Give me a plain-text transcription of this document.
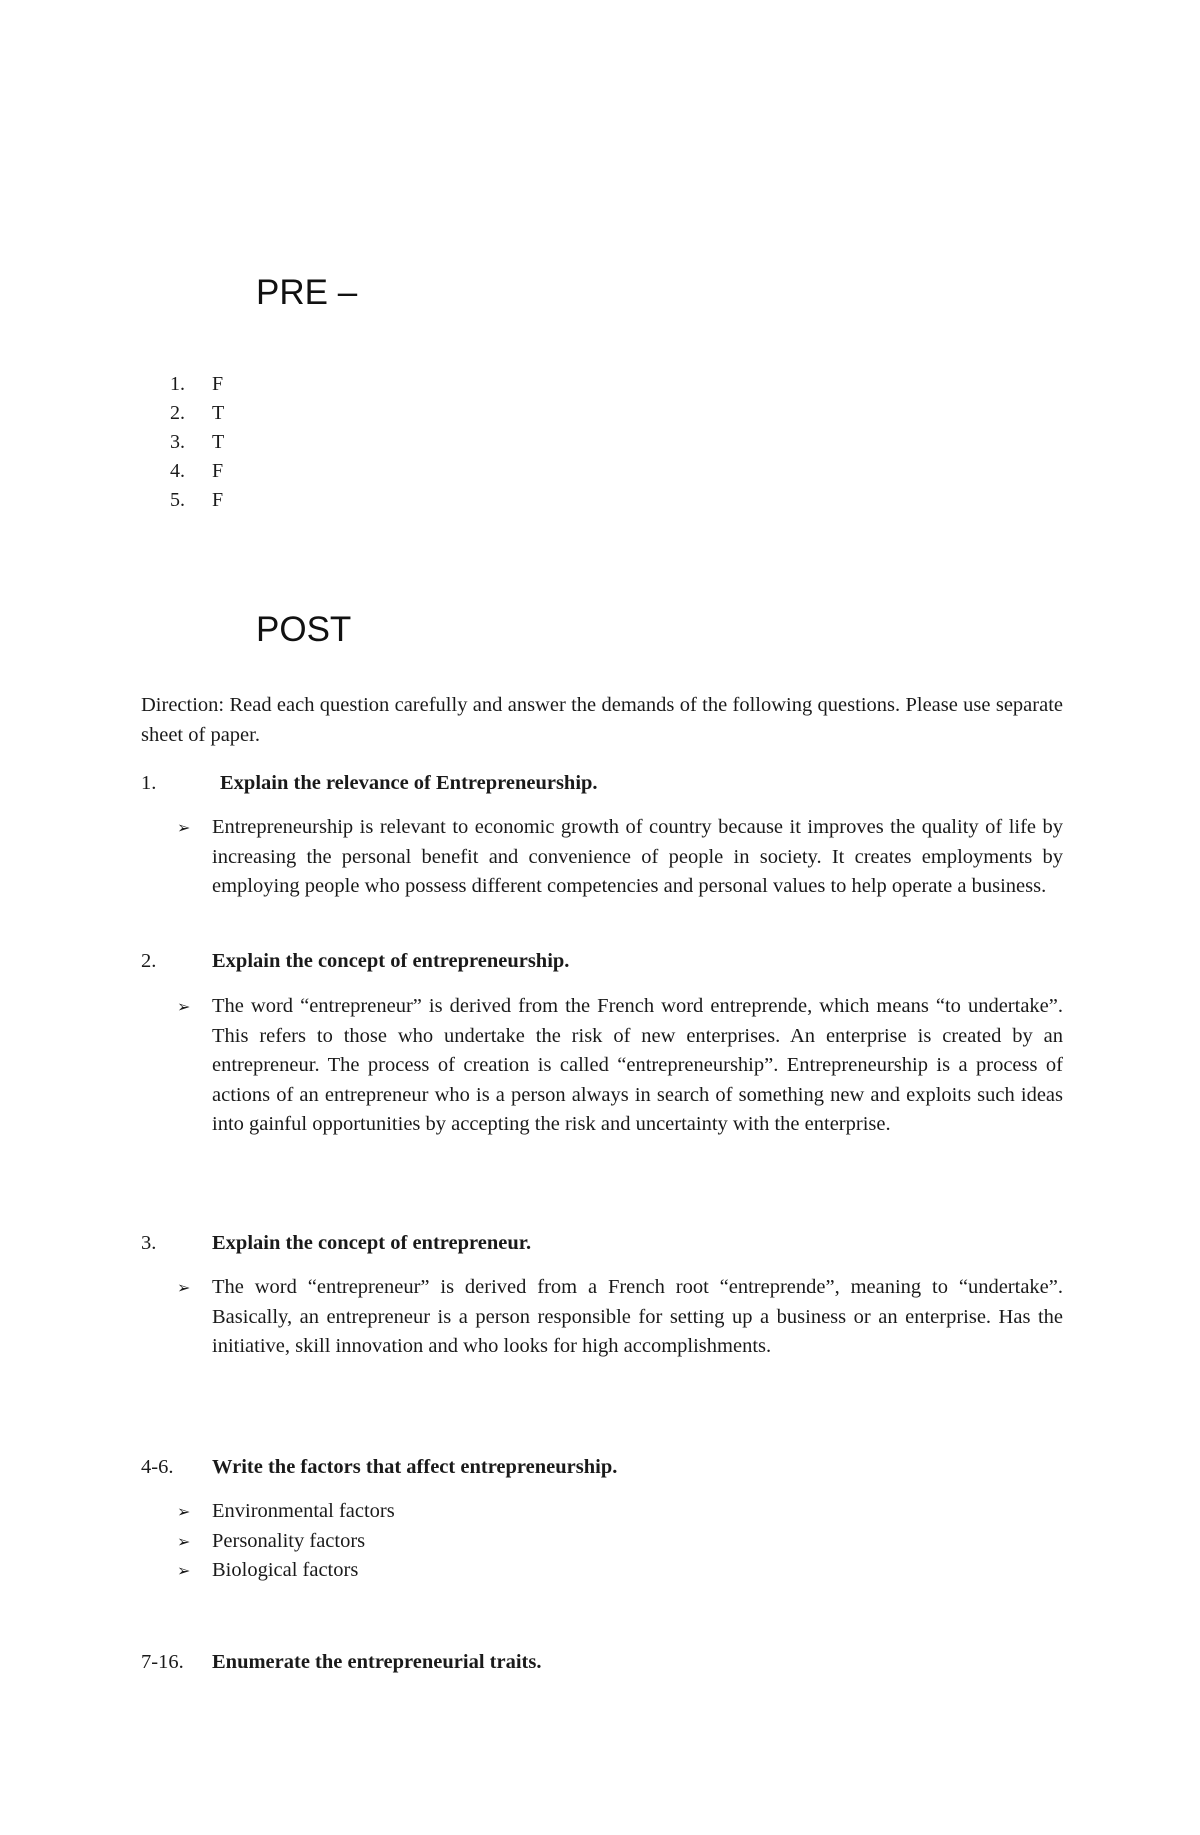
PRE –
1.	F
2.	T
3.	T
4.	F
5.	F
POST

Direction: Read each question carefully and answer the demands of the following questions. Please use separate sheet of paper.

1.	Explain the relevance of Entrepreneurship.
➢	Entrepreneurship is relevant to economic growth of country because it improves the quality of life by increasing the personal benefit and convenience of people in society. It creates employments by employing people who possess different competencies and personal values to help operate a business.
2.	Explain the concept of entrepreneurship.
➢	The word “entrepreneur” is derived from the French word entreprende, which means “to undertake”. This refers to those who undertake the risk of new enterprises. An enterprise is created by an entrepreneur. The process of creation is called “entrepreneurship”. Entrepreneurship is a process of actions of an entrepreneur who is a person always in search of something new and exploits such ideas into gainful opportunities by accepting the risk and uncertainty with the enterprise.
3.	Explain the concept of entrepreneur.
➢	The word “entrepreneur” is derived from a French root “entreprende”, meaning to “undertake”. Basically, an entrepreneur is a person responsible for setting up a business or an enterprise. Has the initiative, skill innovation and who looks for high accomplishments.
4-6.	Write the factors that affect entrepreneurship.
➢	Environmental factors
➢	Personality factors
➢	Biological factors
7-16.	Enumerate the entrepreneurial traits.
